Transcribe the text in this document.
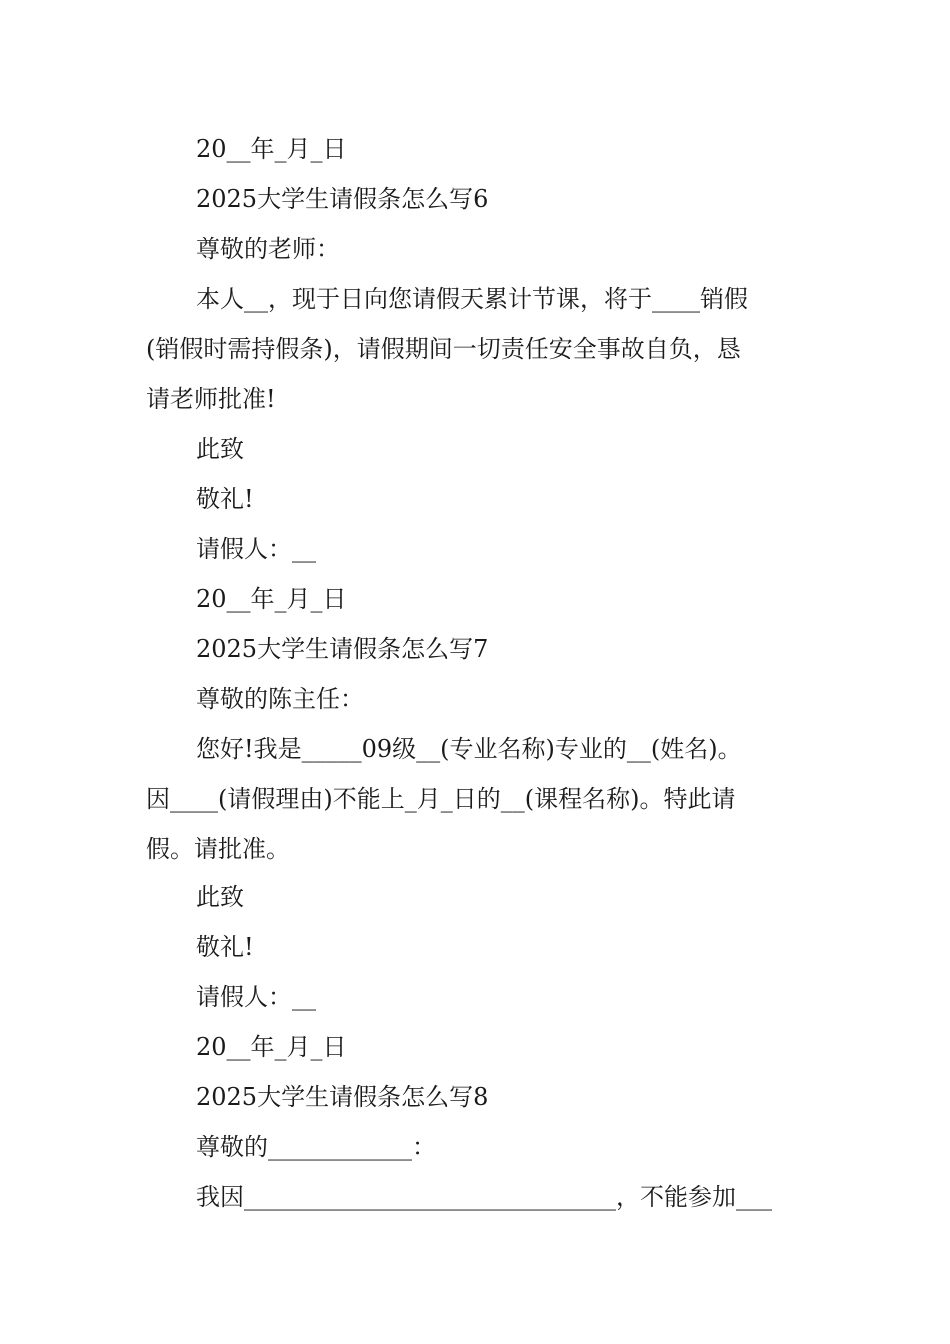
20__年_月_日
2025大学生请假条怎么写6
尊敬的老师：
本人__，现于日向您请假天累计节课，将于____销假
(销假时需持假条)，请假期间一切责任安全事故自负，恳
请老师批准!
此致
敬礼!
请假人：__
20__年_月_日
2025大学生请假条怎么写7
尊敬的陈主任：
您好!我是_____09级__(专业名称)专业的__(姓名)。
因____(请假理由)不能上_月_日的__(课程名称)。特此请
假。请批准。
此致
敬礼!
请假人：__
20__年_月_日
2025大学生请假条怎么写8
尊敬的____________：
我因_______________________________，不能参加___
